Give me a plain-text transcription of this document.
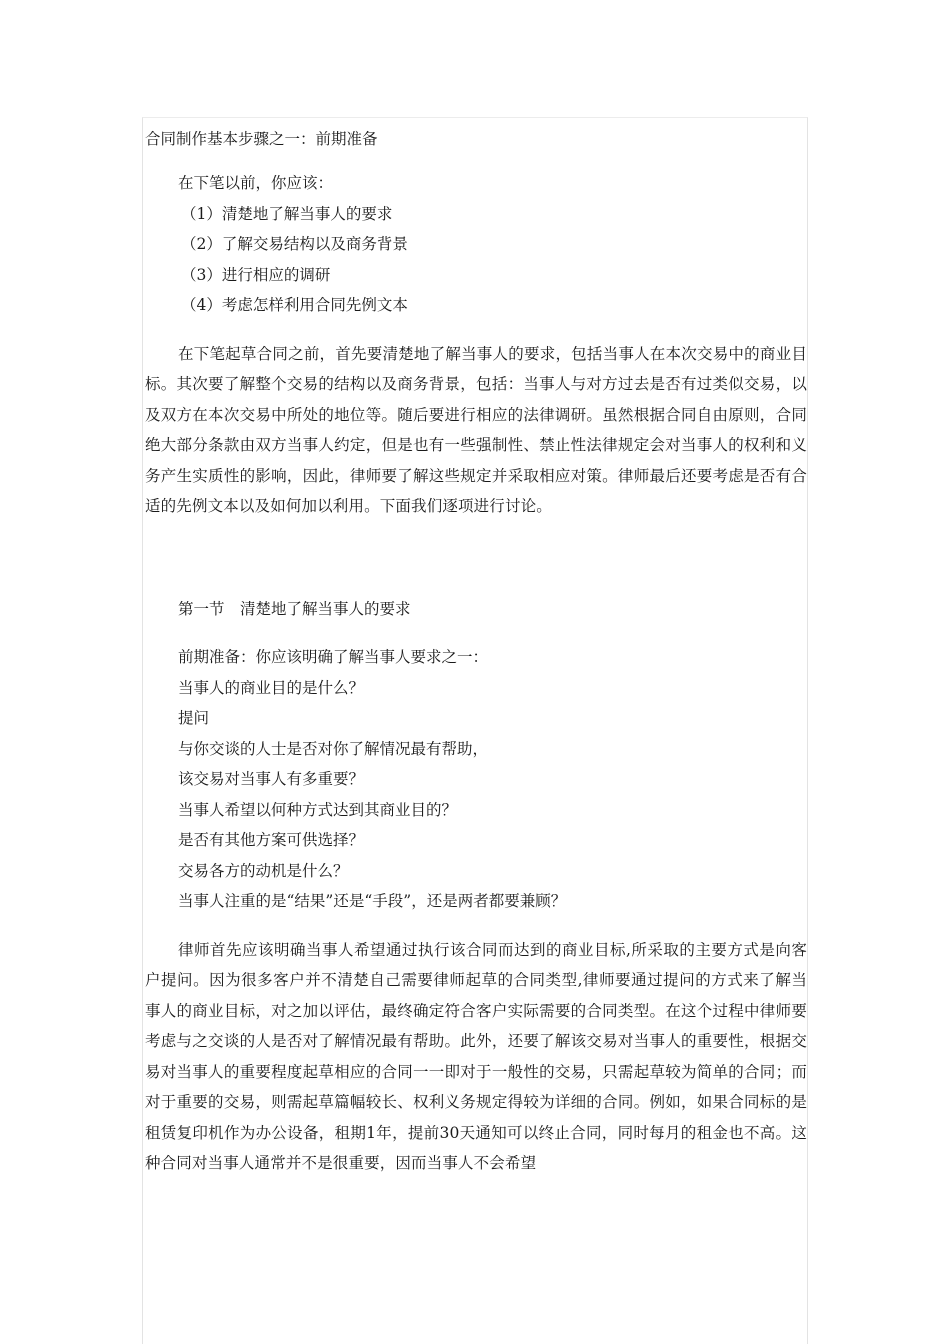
合同制作基本步骤之一：前期准备

在下笔以前，你应该：

（1）清楚地了解当事人的要求
（2）了解交易结构以及商务背景
（3）进行相应的调研
（4）考虑怎样利用合同先例文本

在下笔起草合同之前，首先要清楚地了解当事人的要求，包括当事人在本次交易中的商业目标。其次要了解整个交易的结构以及商务背景，包括：当事人与对方过去是否有过类似交易，以及双方在本次交易中所处的地位等。随后要进行相应的法律调研。虽然根据合同自由原则，合同绝大部分条款由双方当事人约定，但是也有一些强制性、禁止性法律规定会对当事人的权利和义务产生实质性的影响，因此，律师要了解这些规定并采取相应对策。律师最后还要考虑是否有合适的先例文本以及如何加以利用。下面我们逐项进行讨论。

第一节　清楚地了解当事人的要求

前期准备：你应该明确了解当事人要求之一：

当事人的商业目的是什么？
提问
与你交谈的人士是否对你了解情况最有帮助，
该交易对当事人有多重要？
当事人希望以何种方式达到其商业目的？
是否有其他方案可供选择？
交易各方的动机是什么？
当事人注重的是“结果”还是“手段”，还是两者都要兼顾？

律师首先应该明确当事人希望通过执行该合同而达到的商业目标,所采取的主要方式是向客户提问。因为很多客户并不清楚自己需要律师起草的合同类型,律师要通过提问的方式来了解当事人的商业目标，对之加以评估，最终确定符合客户实际需要的合同类型。在这个过程中律师要考虑与之交谈的人是否对了解情况最有帮助。此外，还要了解该交易对当事人的重要性，根据交易对当事人的重要程度起草相应的合同一一即对于一般性的交易，只需起草较为简单的合同；而对于重要的交易，则需起草篇幅较长、权利义务规定得较为详细的合同。例如，如果合同标的是租赁复印机作为办公设备，租期1年，提前30天通知可以终止合同，同时每月的租金也不高。这种合同对当事人通常并不是很重要，因而当事人不会希望
